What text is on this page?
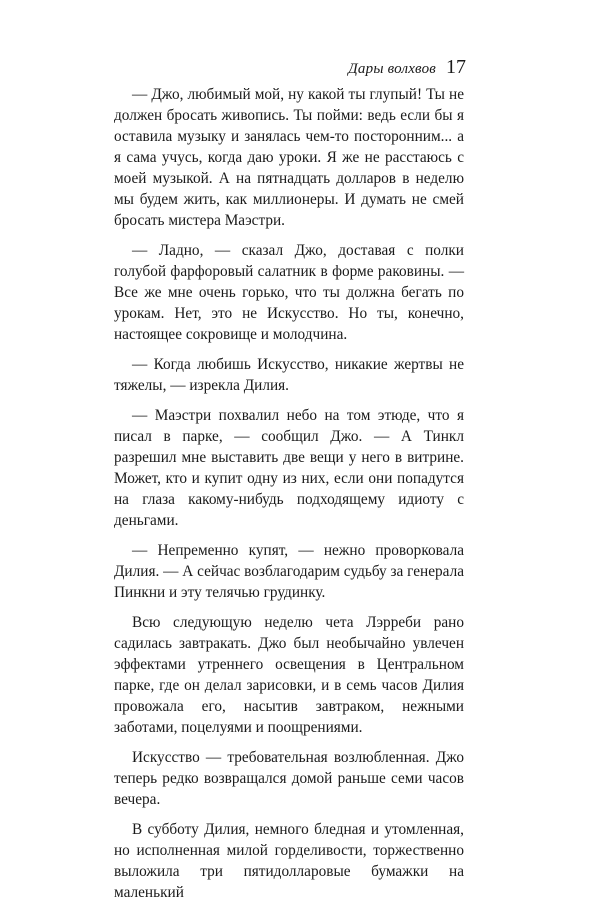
Дары волхвов 17

— Джо, любимый мой, ну какой ты глупый! Ты не должен бросать живопись. Ты пойми: ведь если бы я оставила музыку и занялась чем-то посторонним... а я сама учусь, когда даю уроки. Я же не расстаюсь с моей музыкой. А на пятнадцать долларов в неделю мы будем жить, как миллионеры. И думать не смей бросать мистера Маэстри.

— Ладно, — сказал Джо, доставая с полки голубой фарфоровый салатник в форме раковины. — Все же мне очень горько, что ты должна бегать по урокам. Нет, это не Искусство. Но ты, конечно, настоящее сокровище и молодчина.

— Когда любишь Искусство, никакие жертвы не тяжелы, — изрекла Дилия.

— Маэстри похвалил небо на том этюде, что я писал в парке, — сообщил Джо. — А Тинкл разрешил мне выставить две вещи у него в витрине. Может, кто и купит одну из них, если они попадутся на глаза какому-нибудь подходящему идиоту с деньгами.

— Непременно купят, — нежно проворковала Дилия. — А сейчас возблагодарим судьбу за генерала Пинкни и эту телячью грудинку.

Всю следующую неделю чета Лэрреби рано садилась завтракать. Джо был необычайно увлечен эффектами утреннего освещения в Центральном парке, где он делал зарисовки, и в семь часов Дилия провожала его, насытив завтраком, нежными заботами, поцелуями и поощрениями.

Искусство — требовательная возлюбленная. Джо теперь редко возвращался домой раньше семи часов вечера.

В субботу Дилия, немного бледная и утомленная, но исполненная милой горделивости, торжественно выложила три пятидолларовые бумажки на маленький
